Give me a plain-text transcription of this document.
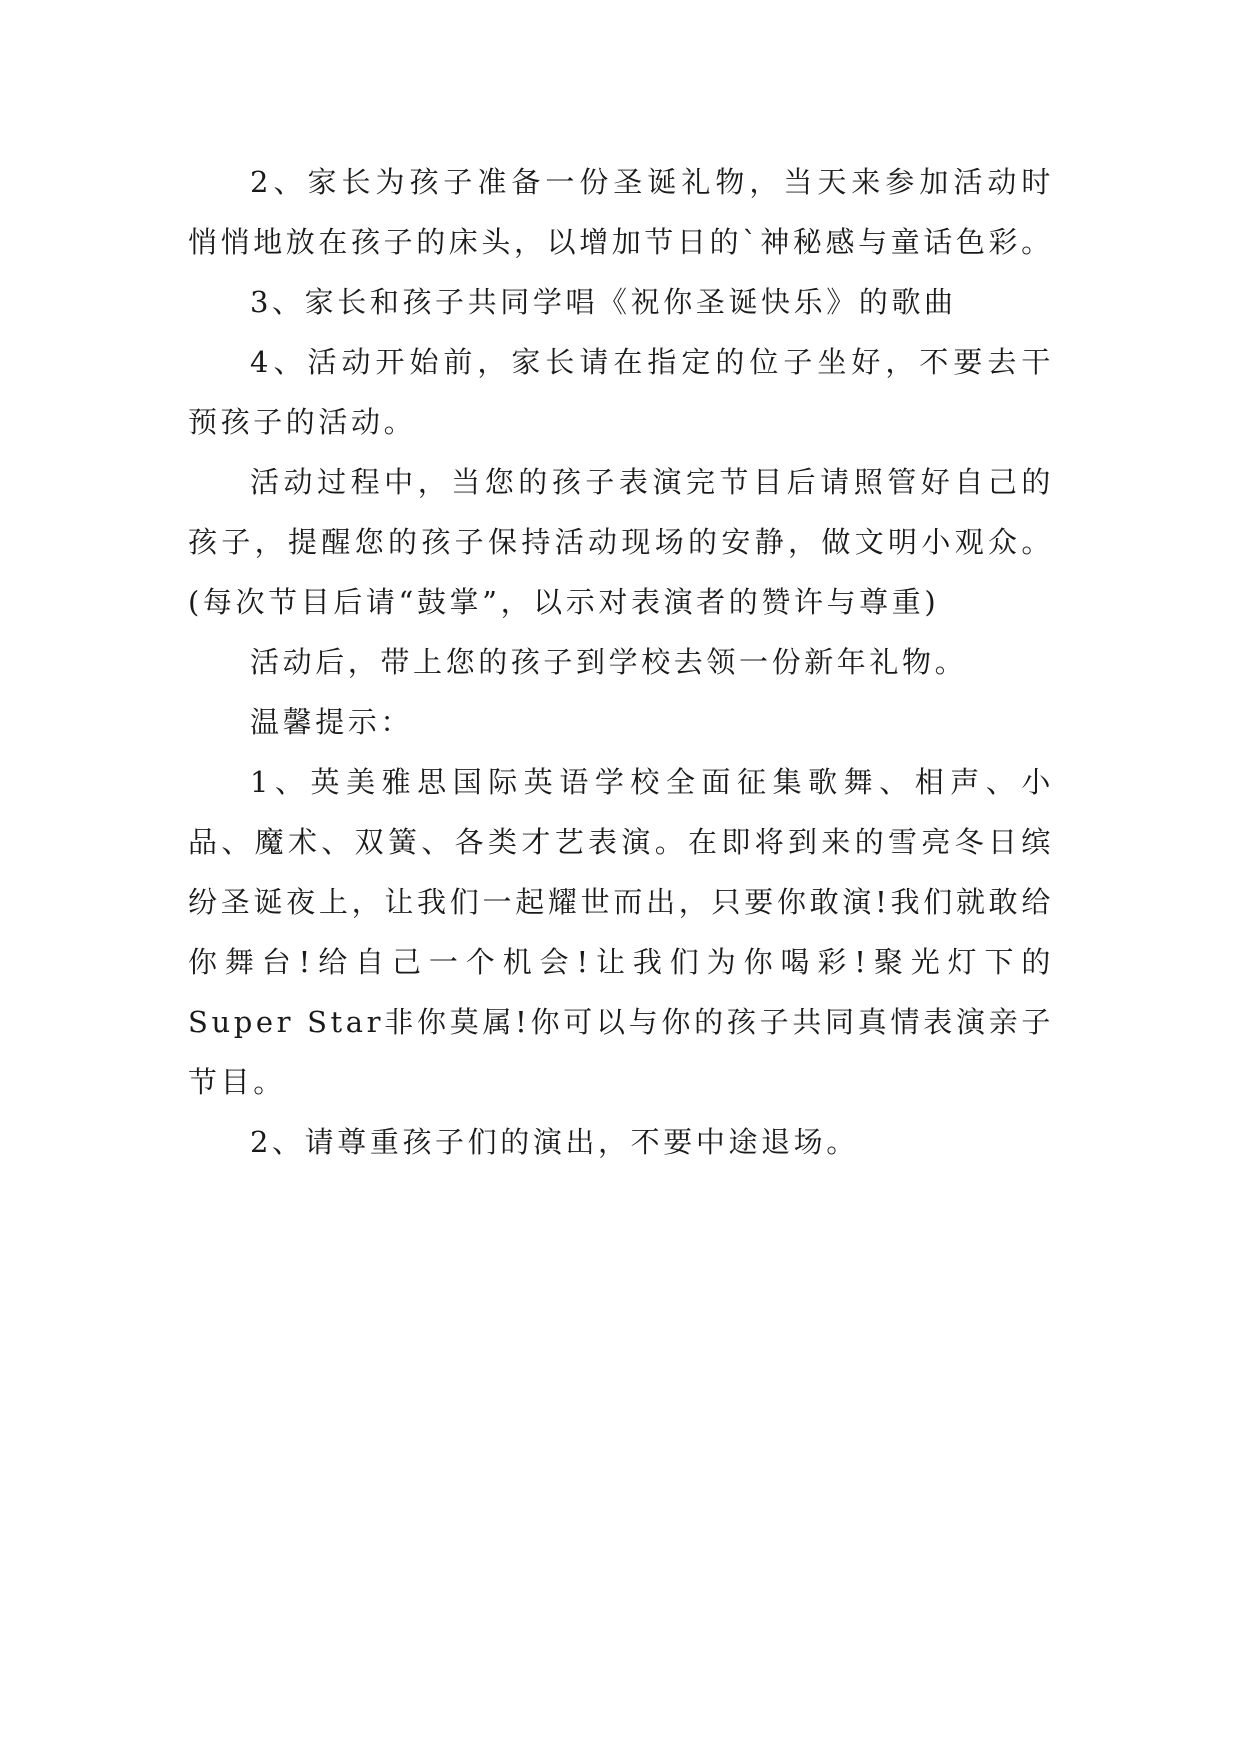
2、家长为孩子准备一份圣诞礼物，当天来参加活动时悄悄地放在孩子的床头，以增加节日的`神秘感与童话色彩。

3、家长和孩子共同学唱《祝你圣诞快乐》的歌曲

4、活动开始前，家长请在指定的位子坐好，不要去干预孩子的活动。

活动过程中，当您的孩子表演完节目后请照管好自己的孩子，提醒您的孩子保持活动现场的安静，做文明小观众。(每次节目后请“鼓掌”，以示对表演者的赞许与尊重)

活动后，带上您的孩子到学校去领一份新年礼物。

温馨提示：

1、英美雅思国际英语学校全面征集歌舞、相声、小品、魔术、双簧、各类才艺表演。在即将到来的雪亮冬日缤纷圣诞夜上，让我们一起耀世而出，只要你敢演!我们就敢给你舞台!给自己一个机会!让我们为你喝彩!聚光灯下的Super Star非你莫属!你可以与你的孩子共同真情表演亲子节目。

2、请尊重孩子们的演出，不要中途退场。
